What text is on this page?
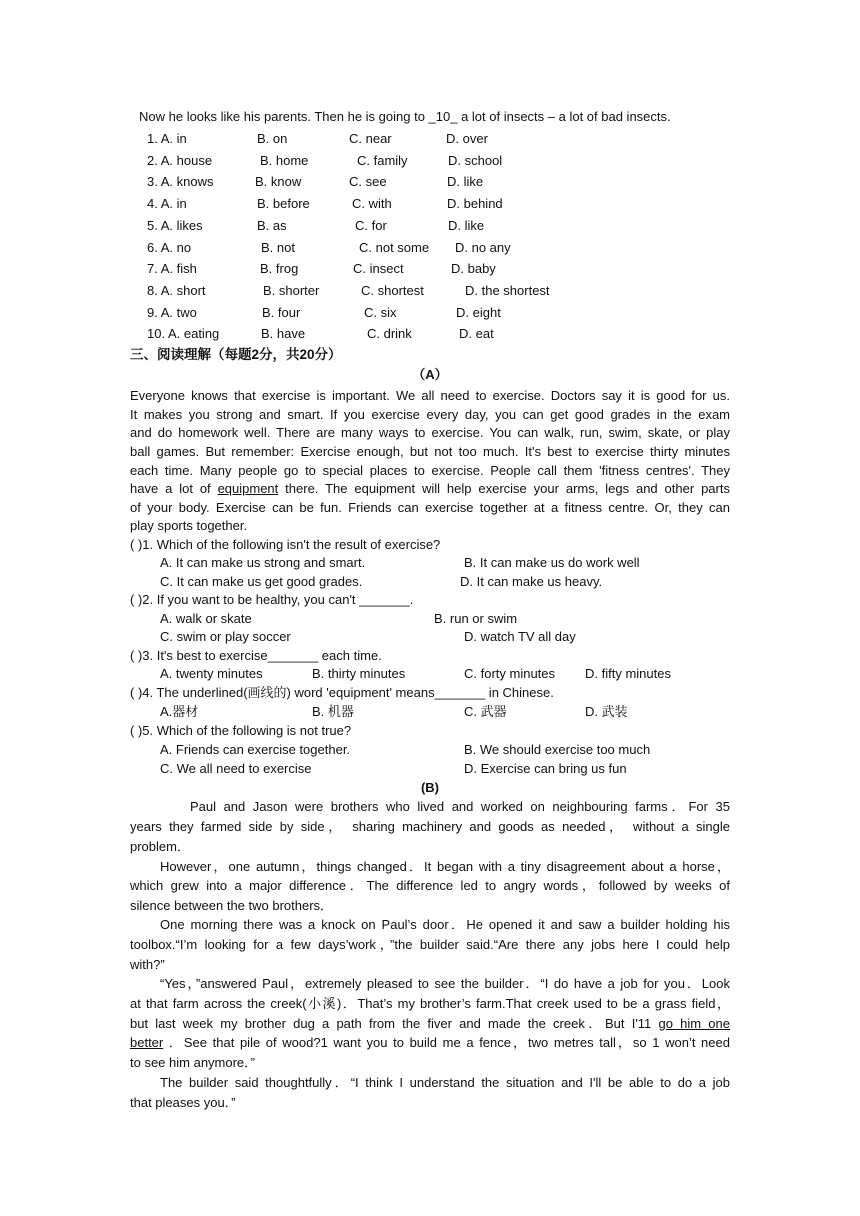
Now he looks like his parents. Then he is going to _10_ a lot of insects – a lot of bad insects.
1. A. in	B. on	C. near	D. over
2. A. house	B. home	C. family	D. school
3. A. knows	B. know	C. see	D. like
4. A. in	B. before	C. with	D. behind
5. A. likes	B. as	C. for	D. like
6. A. no	B. not	C. not some D. no any
7. A. fish	B. frog	C. insect	D. baby
8. A. short	B. shorter	C. shortest	D. the shortest
9. A. two	B. four	C. six	D. eight
10. A. eating	B. have	C. drink	D. eat
三、阅读理解（每题2分，共20分）
（A）
Everyone knows that exercise is important. We all need to exercise. Doctors say it is good for us.
It makes you strong and smart. If you exercise every day, you can get good grades in the exam
and do homework well. There are many ways to exercise. You can walk, run, swim, skate, or play
ball games. But remember: Exercise enough, but not too much. It's best to exercise thirty minutes
each time. Many people go to special places to exercise. People call them 'fitness centres'. They
have a lot of equipment there. The equipment will help exercise your arms, legs and other parts
of your body. Exercise can be fun. Friends can exercise together at a fitness centre. Or, they can
play sports together.
( )1. Which of the following isn't the result of exercise?
A. It can make us strong and smart.	B. It can make us do work well
C. It can make us get good grades.	D. It can make us heavy.
( )2. If you want to be healthy, you can't _______.
A. walk or skate	B. run or swim
C. swim or play soccer	D. watch TV all day
( )3. It's best to exercise_______ each time.
A. twenty minutes	B. thirty minutes	C. forty minutes D. fifty minutes
( )4. The underlined(画线的) word 'equipment' means_______ in Chinese.
A.器材	B. 机器	C. 武器	D. 武装
( )5. Which of the following is not true?
A. Friends can exercise together.	B. We should exercise too much
C. We all need to exercise	D. Exercise can bring us fun
(B)
Paul and Jason were brothers who lived and worked on neighbouring farms．For 35
years they farmed side by side， sharing machinery and goods as needed， without a single
problem．
However，one autumn，things changed．It began with a tiny disagreement about a horse，
which grew into a major difference．The difference led to angry words，followed by weeks of
silence between the two brothers．
One morning there was a knock on Paul’s door．He opened it and saw a builder holding his
toolbox.“I’m looking for a few days’work，”the builder said.“Are there any jobs here I could help
with?”
“Yes，”answered Paul，extremely pleased to see the builder．“I do have a job for you．Look
at that farm across the creek(小溪)．That’s my brother’s farm.That creek used to be a grass field，
but last week my brother dug a path from the fiver and made the creek．But I'11 go him one
better ．See that pile of wood?1 want you to build me a fence，two metres tall，so 1 won’t need
to see him anymore．”
The builder said thoughtfully．“I think I understand the situation and I'll be able to do a job
that pleases you．”
